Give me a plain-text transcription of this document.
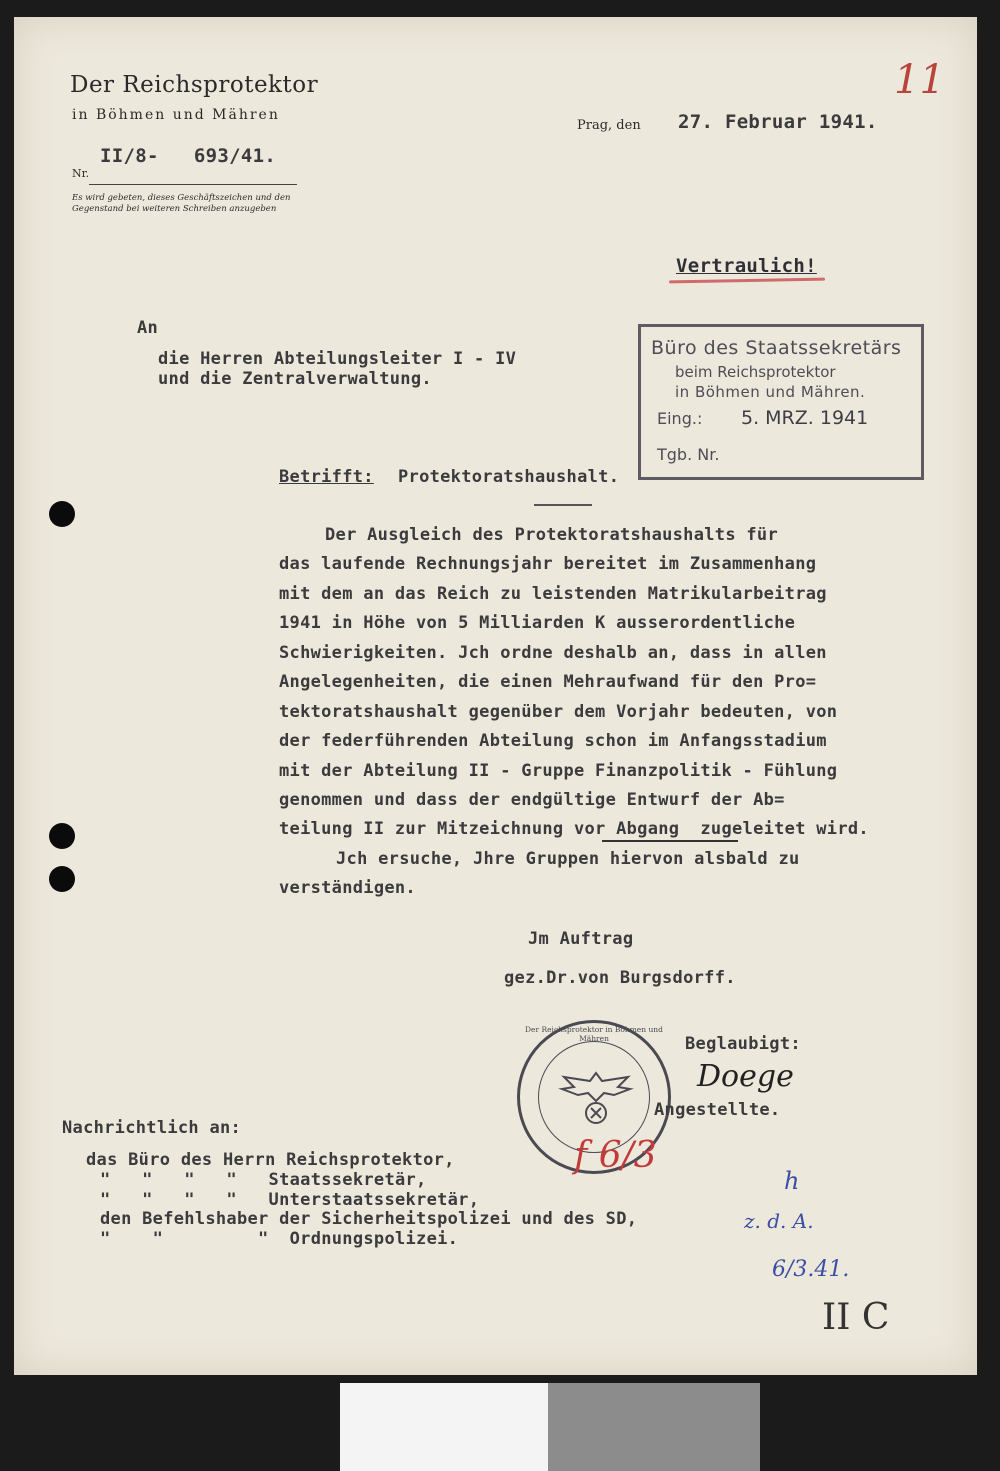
Der Reichsprotektor
in Böhmen und Mähren
II/8-   693/41.
Nr.
Es wird gebeten, dieses Geschäftszeichen und den
Gegenstand bei weiteren Schreiben anzugeben
11
Prag, den 27. Februar 1941.
Vertraulich!
An
die Herren Abteilungsleiter I - IV
und die Zentralverwaltung.
Büro des Staatssekretärs
beim Reichsprotektor
in Böhmen und Mähren.
Eing.: 5. MRZ. 1941
Tgb. Nr.
Betrifft: Protektoratshaushalt.
Der Ausgleich des Protektoratshaushalts für
das laufende Rechnungsjahr bereitet im Zusammenhang
mit dem an das Reich zu leistenden Matrikularbeitrag
1941 in Höhe von 5 Milliarden K ausserordentliche
Schwierigkeiten. Jch ordne deshalb an, dass in allen
Angelegenheiten, die einen Mehraufwand für den Pro=
tektoratshaushalt gegenüber dem Vorjahr bedeuten, von
der federführenden Abteilung schon im Anfangsstadium
mit der Abteilung II - Gruppe Finanzpolitik - Fühlung
genommen und dass der endgültige Entwurf der Ab=
teilung II zur Mitzeichnung vor Abgang  zugeleitet wird.
Jch ersuche, Jhre Gruppen hiervon alsbald zu
verständigen.
Jm Auftrag
gez.Dr.von Burgsdorff.
Der Reichsprotektor in Böhmen und Mähren	Beglaubigt:
Doege
Angestellte.
Nachrichtlich an:
das Büro des Herrn Reichsprotektor,
"   "   "   "   Staatssekretär,
"   "   "   "   Unterstaatssekretär,
den Befehlshaber der Sicherheitspolizei und des SD,
"    "         "  Ordnungspolizei.
f 6/3
h
z. d. A.
6/3.41.
II C
